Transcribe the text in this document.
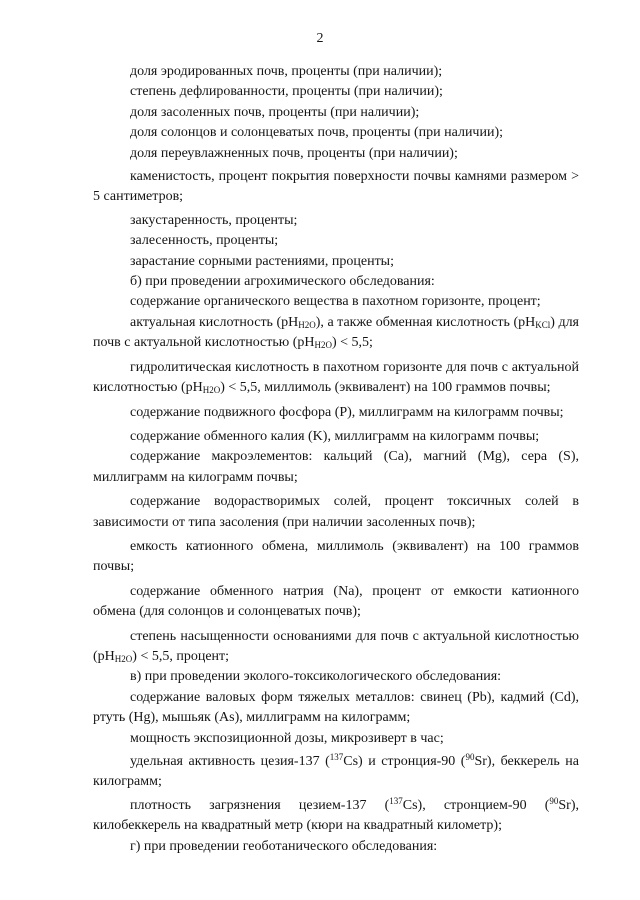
2

доля эродированных почв, проценты (при наличии);

степень дефлированности, проценты (при наличии);

доля засоленных почв, проценты (при наличии);

доля солонцов и солонцеватых почв, проценты (при наличии);

доля переувлажненных почв, проценты (при наличии);

каменистость, процент покрытия поверхности почвы камнями размером > 5 сантиметров;

закустаренность, проценты;

залесенность, проценты;

зарастание сорными растениями, проценты;

б) при проведении агрохимического обследования:

содержание органического вещества в пахотном горизонте, процент;

актуальная кислотность $(pH_{H2O})$, а также обменная кислотность $(pH_{KCl})$ для почв с актуальной кислотностью $(pH_{H2O}) < 5,5$;

гидролитическая кислотность в пахотном горизонте для почв с актуальной кислотностью $(pH_{H2O}) < 5,5$, миллимоль (эквивалент) на 100 граммов почвы;

содержание подвижного фосфора (P), миллиграмм на килограмм почвы;

содержание обменного калия (K), миллиграмм на килограмм почвы;

содержание макроэлементов: кальций (Ca), магний (Mg), сера (S), миллиграмм на килограмм почвы;

содержание водорастворимых солей, процент токсичных солей в зависимости от типа засоления (при наличии засоленных почв);

емкость катионного обмена, миллимоль (эквивалент) на 100 граммов почвы;

содержание обменного натрия (Na), процент от емкости катионного обмена (для солонцов и солонцеватых почв);

степень насыщенности основаниями для почв с актуальной кислотностью $(pH_{H2O}) < 5,5$, процент;

в) при проведении эколого-токсикологического обследования:

содержание валовых форм тяжелых металлов: свинец (Pb), кадмий (Cd), ртуть (Hg), мышьяк (As), миллиграмм на килограмм;

мощность экспозиционной дозы, микрозиверт в час;

удельная активность цезия-137 ($^{137}$Cs) и стронция-90 ($^{90}$Sr), беккерель на килограмм;

плотность загрязнения цезием-137 ($^{137}$Cs), стронцием-90 ($^{90}$Sr), килобеккерель на квадратный метр (кюри на квадратный километр);

г) при проведении геоботанического обследования:
